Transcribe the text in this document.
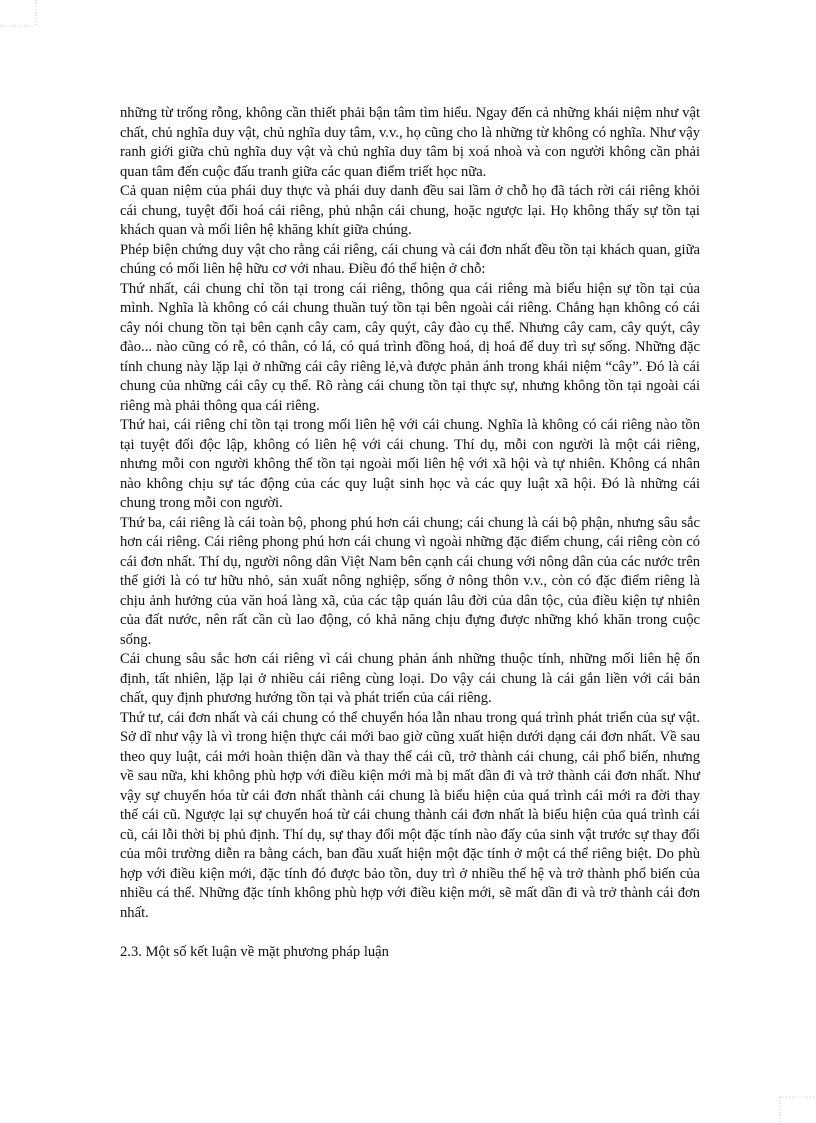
những từ trống rỗng, không cần thiết phải bận tâm tìm hiểu. Ngay đến cả những khái niệm như vật chất, chủ nghĩa duy vật, chủ nghĩa duy tâm, v.v., họ cũng cho là những từ không có nghĩa. Như vậy ranh giới giữa chủ nghĩa duy vật và chủ nghĩa duy tâm bị xoá nhoà và con người không cần phải quan tâm đến cuộc đấu tranh giữa các quan điểm triết học nữa.

Cả quan niệm của phái duy thực và phái duy danh đều sai lầm ở chỗ họ đã tách rời cái riêng khỏi cái chung, tuyệt đối hoá cái riêng, phủ nhận cái chung, hoặc ngược lại. Họ không thấy sự tồn tại khách quan và mối liên hệ khăng khít giữa chúng.

Phép biện chứng duy vật cho rằng cái riêng, cái chung và cái đơn nhất đều tồn tại khách quan, giữa chúng có mối liên hệ hữu cơ với nhau. Điều đó thể hiện ở chỗ:

Thứ nhất, cái chung chỉ tồn tại trong cái riêng, thông qua cái riêng mà biểu hiện sự tồn tại của mình. Nghĩa là không có cái chung thuần tuý tồn tại bên ngoài cái riêng. Chẳng hạn không có cái cây nói chung tồn tại bên cạnh cây cam, cây quýt, cây đào cụ thể. Nhưng cây cam, cây quýt, cây đào... nào cũng có rễ, có thân, có lá, có quá trình đồng hoá, dị hoá để duy trì sự sống. Những đặc tính chung này lặp lại ở những cái cây riêng lẻ,và được phản ánh trong khái niệm “cây”. Đó là cái chung của những cái cây cụ thể. Rõ ràng cái chung tồn tại thực sự, nhưng không tồn tại ngoài cái riêng mà phải thông qua cái riêng.

Thứ hai, cái riêng chỉ tồn tại trong mối liên hệ với cái chung. Nghĩa là không có cái riêng nào tồn tại tuyệt đối độc lập, không có liên hệ với cái chung. Thí dụ, mỗi con người là một cái riêng, nhưng mỗi con người không thể tồn tại ngoài mối liên hệ với xã hội và tự nhiên. Không cá nhân nào không chịu sự tác động của các quy luật sinh học và các quy luật xã hội. Đó là những cái chung trong mỗi con người.

Thứ ba, cái riêng là cái toàn bộ, phong phú hơn cái chung; cái chung là cái bộ phận, nhưng sâu sắc hơn cái riêng. Cái riêng phong phú hơn cái chung vì ngoài những đặc điểm chung, cái riêng còn có cái đơn nhất. Thí dụ, người nông dân Việt Nam bên cạnh cái chung với nông dân của các nước trên thế giới là có tư hữu nhỏ, sản xuất nông nghiệp, sống ở nông thôn v.v., còn có đặc điểm riêng là chịu ảnh hưởng của văn hoá làng xã, của các tập quán lâu đời của dân tộc, của điều kiện tự nhiên của đất nước, nên rất cần cù lao động, có khả năng chịu đựng được những khó khăn trong cuộc sống.

Cái chung sâu sắc hơn cái riêng vì cái chung phản ánh những thuộc tính, những mối liên hệ ổn định, tất nhiên, lặp lại ở nhiều cái riêng cùng loại. Do vậy cái chung là cái gắn liền với cái bản chất, quy định phương hướng tồn tại và phát triển của cái riêng.

Thứ tư, cái đơn nhất và cái chung có thể chuyển hóa lẫn nhau trong quá trình phát triển của sự vật. Sở dĩ như vậy là vì trong hiện thực cái mới bao giờ cũng xuất hiện dưới dạng cái đơn nhất. Về sau theo quy luật, cái mới hoàn thiện dần và thay thế cái cũ, trở thành cái chung, cái phổ biến, nhưng về sau nữa, khi không phù hợp với điều kiện mới mà bị mất dần đi và trở thành cái đơn nhất. Như vậy sự chuyển hóa từ cái đơn nhất thành cái chung là biểu hiện của quá trình cái mới ra đời thay thế cái cũ. Ngược lại sự chuyển hoá từ cái chung thành cái đơn nhất là biểu hiện của quá trình cái cũ, cái lỗi thời bị phủ định. Thí dụ, sự thay đổi một đặc tính nào đấy của sinh vật trước sự thay đổi của môi trường diễn ra bằng cách, ban đầu xuất hiện một đặc tính ở một cá thể riêng biệt. Do phù hợp với điều kiện mới, đặc tính đó được bảo tồn, duy trì ở nhiều thế hệ và trở thành phổ biến của nhiều cá thể. Những đặc tính không phù hợp với điều kiện mới, sẽ mất dần đi và trở thành cái đơn nhất.

2.3. Một số kết luận về mặt phương pháp luận
